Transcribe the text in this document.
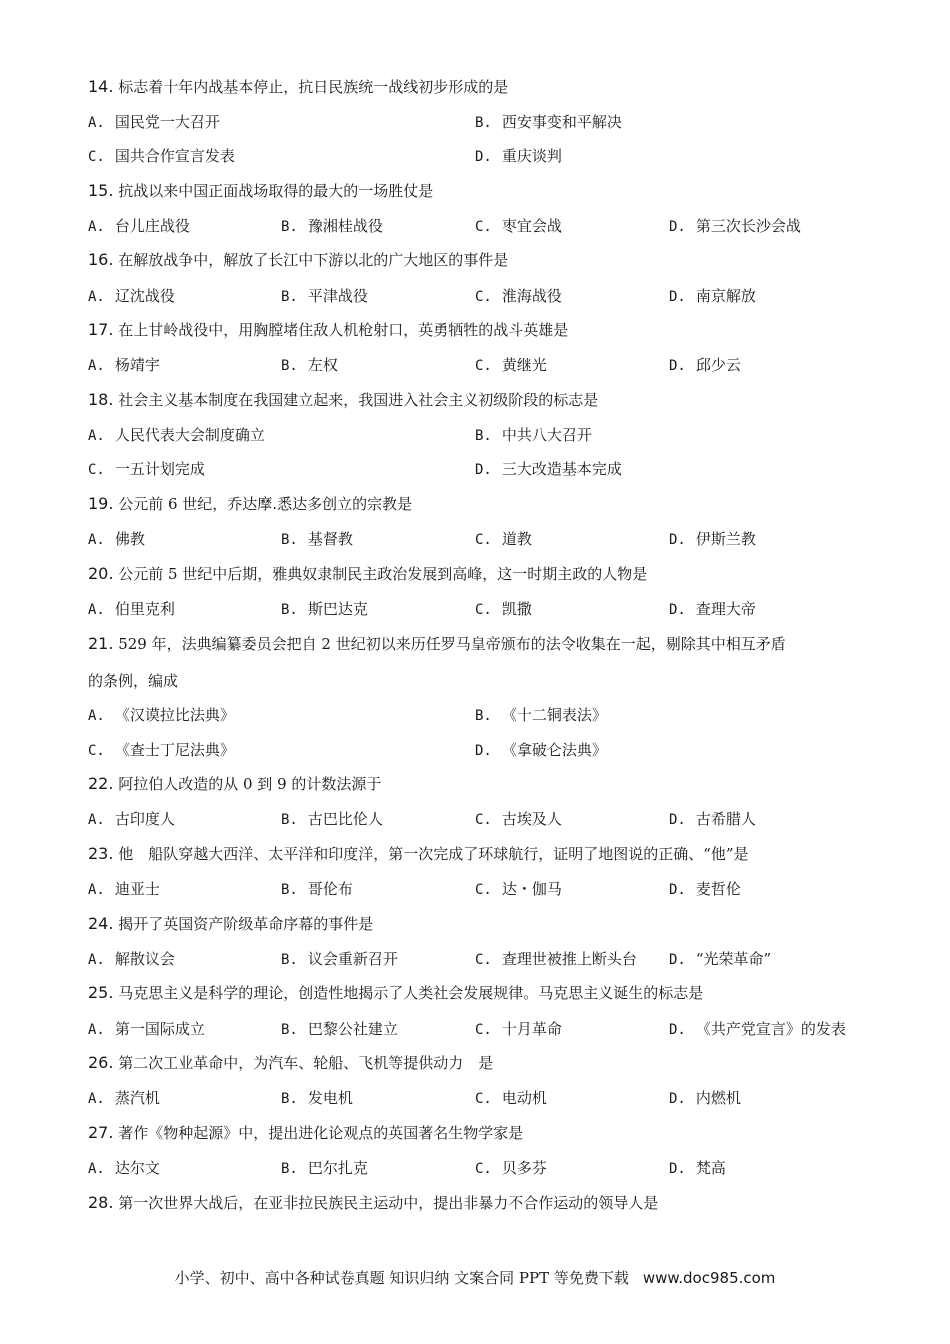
14. 标志着十年内战基本停止，抗日民族统一战线初步形成的是
A. 国民党一大召开	B. 西安事变和平解决
C. 国共合作宣言发表	D. 重庆谈判
15. 抗战以来中国正面战场取得的最大的一场胜仗是
A. 台儿庄战役	B. 豫湘桂战役	C. 枣宜会战	D. 第三次长沙会战
16. 在解放战争中，解放了长江中下游以北的广大地区的事件是
A. 辽沈战役	B. 平津战役	C. 淮海战役	D. 南京解放
17. 在上甘岭战役中，用胸膛堵住敌人机枪射口，英勇牺牲的战斗英雄是
A. 杨靖宇	B. 左权	C. 黄继光	D. 邱少云
18. 社会主义基本制度在我国建立起来，我国进入社会主义初级阶段的标志是
A. 人民代表大会制度确立	B. 中共八大召开
C. 一五计划完成	D. 三大改造基本完成
19. 公元前 6 世纪，乔达摩.悉达多创立的宗教是
A. 佛教	B. 基督教	C. 道教	D. 伊斯兰教
20. 公元前 5 世纪中后期，雅典奴隶制民主政治发展到高峰，这一时期主政的人物是
A. 伯里克利	B. 斯巴达克	C. 凯撒	D. 查理大帝
21. 529 年，法典编纂委员会把自 2 世纪初以来历任罗马皇帝颁布的法令收集在一起，剔除其中相互矛盾
的条例，编成
A. 《汉谟拉比法典》	B. 《十二铜表法》
C. 《查士丁尼法典》	D. 《拿破仑法典》
22. 阿拉伯人改造的从 0 到 9 的计数法源于
A. 古印度人	B. 古巴比伦人	C. 古埃及人	D. 古希腊人
23. 他　船队穿越大西洋、太平洋和印度洋，第一次完成了环球航行，证明了地图说的正确、“他”是
A. 迪亚士	B. 哥伦布	C. 达・伽马	D. 麦哲伦
24. 揭开了英国资产阶级革命序幕的事件是
A. 解散议会	B. 议会重新召开	C. 查理世被推上断头台 D. “光荣革命”
25. 马克思主义是科学的理论，创造性地揭示了人类社会发展规律。马克思主义诞生的标志是
A. 第一国际成立	B. 巴黎公社建立	C. 十月革命	D. 《共产党宣言》的发表
26. 第二次工业革命中，为汽车、轮船、飞机等提供动力　是
A. 蒸汽机	B. 发电机	C. 电动机	D. 内燃机
27. 著作《物种起源》中，提出进化论观点的英国著名生物学家是
A. 达尔文	B. 巴尔扎克	C. 贝多芬	D. 梵高
28. 第一次世界大战后，在亚非拉民族民主运动中，提出非暴力不合作运动的领导人是
小学、初中、高中各种试卷真题 知识归纳 文案合同 PPT 等免费下载 www.doc985.com
